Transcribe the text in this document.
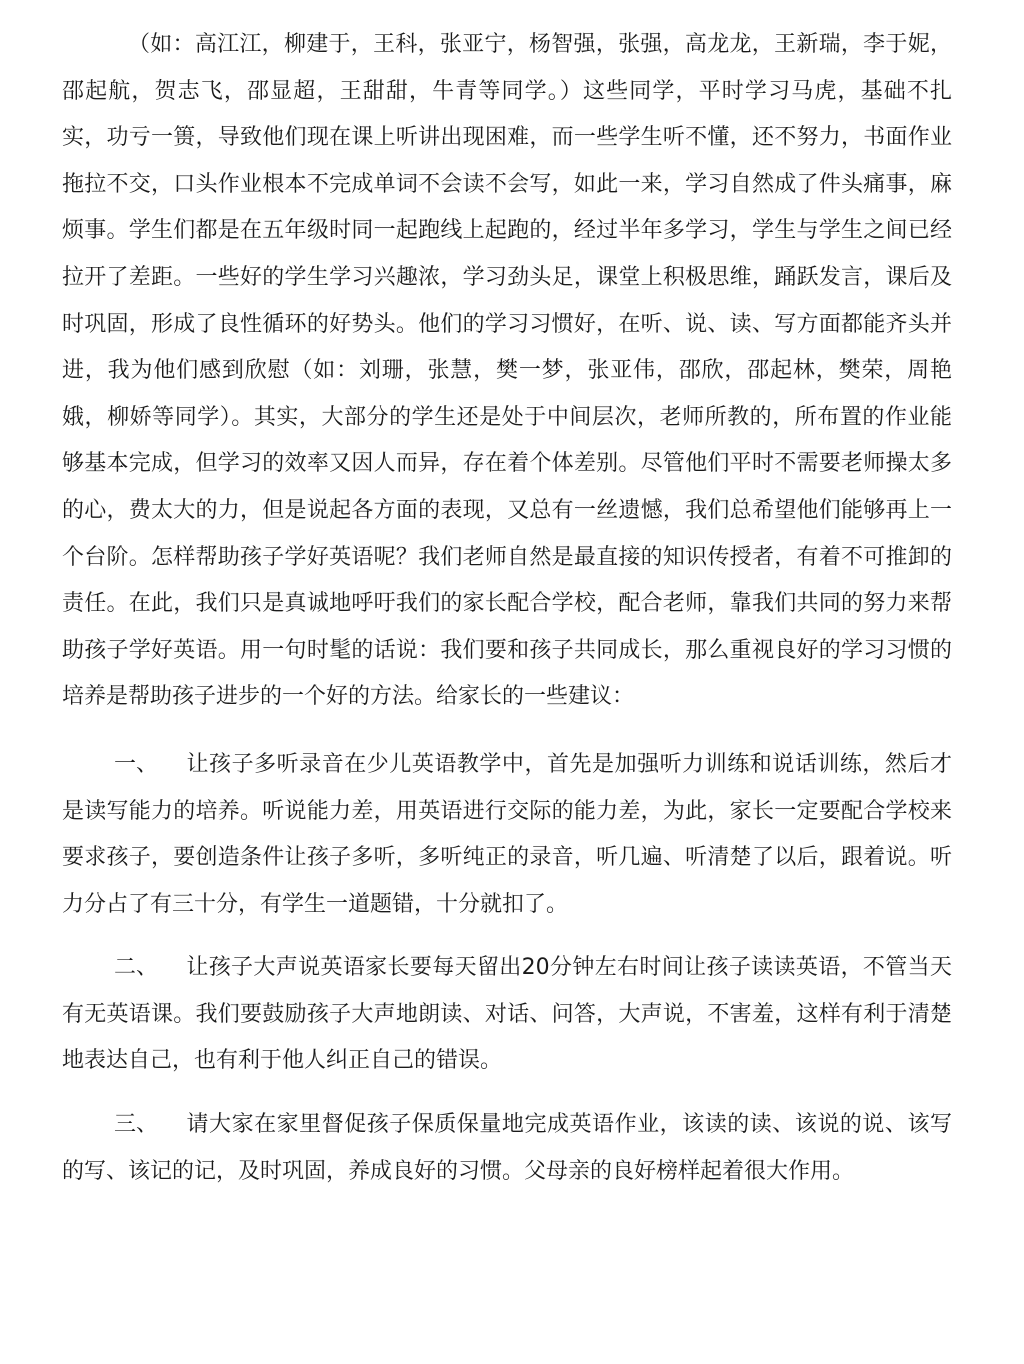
（如：高江江，柳建于，王科，张亚宁，杨智强，张强，高龙龙，王新瑞，李于妮，邵起航，贺志飞，邵显超，王甜甜，牛青等同学。）这些同学，平时学习马虎，基础不扎实，功亏一篑，导致他们现在课上听讲出现困难，而一些学生听不懂，还不努力，书面作业拖拉不交，口头作业根本不完成单词不会读不会写，如此一来，学习自然成了件头痛事，麻烦事。学生们都是在五年级时同一起跑线上起跑的，经过半年多学习，学生与学生之间已经拉开了差距。一些好的学生学习兴趣浓，学习劲头足，课堂上积极思维，踊跃发言，课后及时巩固，形成了良性循环的好势头。他们的学习习惯好，在听、说、读、写方面都能齐头并进，我为他们感到欣慰（如：刘珊，张慧，樊一梦，张亚伟，邵欣，邵起林，樊荣，周艳娥，柳娇等同学）。其实，大部分的学生还是处于中间层次，老师所教的，所布置的作业能够基本完成，但学习的效率又因人而异，存在着个体差别。尽管他们平时不需要老师操太多的心，费太大的力，但是说起各方面的表现，又总有一丝遗憾，我们总希望他们能够再上一个台阶。怎样帮助孩子学好英语呢？我们老师自然是最直接的知识传授者，有着不可推卸的责任。在此，我们只是真诚地呼吁我们的家长配合学校，配合老师，靠我们共同的努力来帮助孩子学好英语。用一句时髦的话说：我们要和孩子共同成长，那么重视良好的学习习惯的培养是帮助孩子进步的一个好的方法。给家长的一些建议：

一、 让孩子多听录音在少儿英语教学中，首先是加强听力训练和说话训练，然后才是读写能力的培养。听说能力差，用英语进行交际的能力差，为此，家长一定要配合学校来要求孩子，要创造条件让孩子多听，多听纯正的录音，听几遍、听清楚了以后，跟着说。听力分占了有三十分，有学生一道题错，十分就扣了。

二、 让孩子大声说英语家长要每天留出20分钟左右时间让孩子读读英语，不管当天有无英语课。我们要鼓励孩子大声地朗读、对话、问答，大声说，不害羞，这样有利于清楚地表达自己，也有利于他人纠正自己的错误。

三、 请大家在家里督促孩子保质保量地完成英语作业，该读的读、该说的说、该写的写、该记的记，及时巩固，养成良好的习惯。父母亲的良好榜样起着很大作用。
